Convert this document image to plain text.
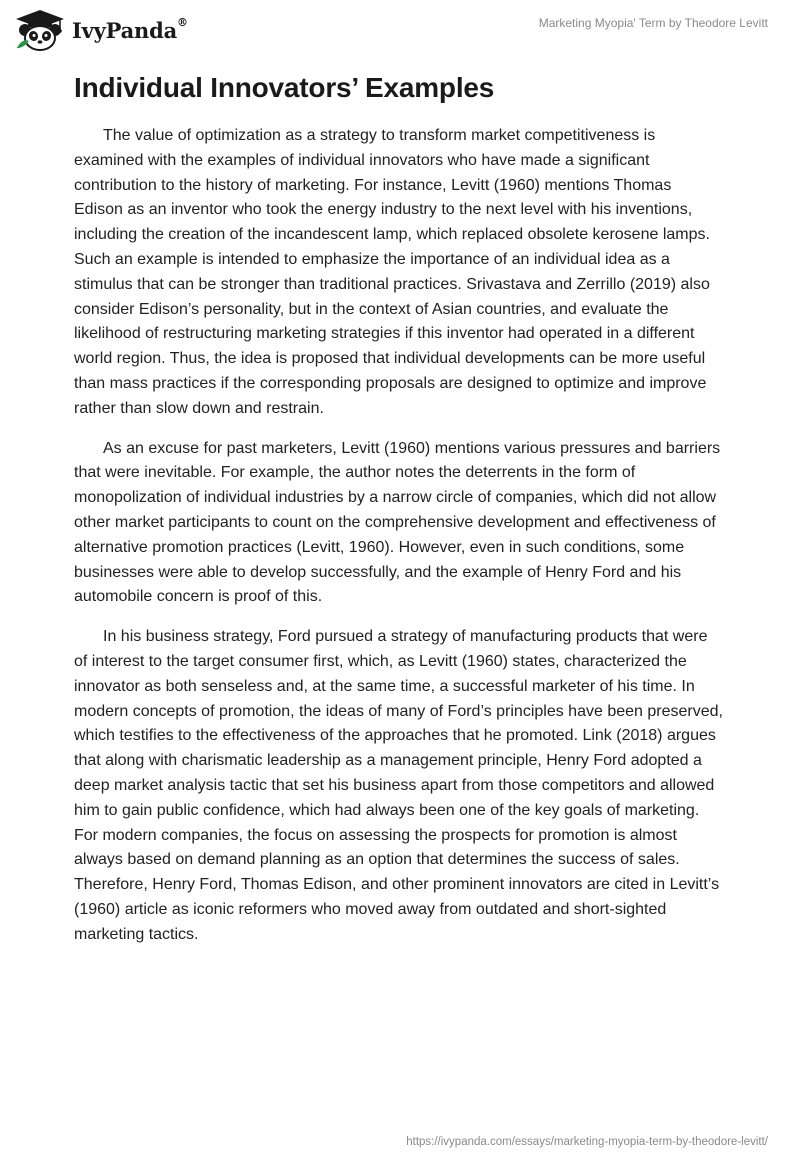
IvyPanda®	Marketing Myopia' Term by Theodore Levitt
Individual Innovators’ Examples

The value of optimization as a strategy to transform market competitiveness is examined with the examples of individual innovators who have made a significant contribution to the history of marketing. For instance, Levitt (1960) mentions Thomas Edison as an inventor who took the energy industry to the next level with his inventions, including the creation of the incandescent lamp, which replaced obsolete kerosene lamps. Such an example is intended to emphasize the importance of an individual idea as a stimulus that can be stronger than traditional practices. Srivastava and Zerrillo (2019) also consider Edison’s personality, but in the context of Asian countries, and evaluate the likelihood of restructuring marketing strategies if this inventor had operated in a different world region. Thus, the idea is proposed that individual developments can be more useful than mass practices if the corresponding proposals are designed to optimize and improve rather than slow down and restrain.

As an excuse for past marketers, Levitt (1960) mentions various pressures and barriers that were inevitable. For example, the author notes the deterrents in the form of monopolization of individual industries by a narrow circle of companies, which did not allow other market participants to count on the comprehensive development and effectiveness of alternative promotion practices (Levitt, 1960). However, even in such conditions, some businesses were able to develop successfully, and the example of Henry Ford and his automobile concern is proof of this.

In his business strategy, Ford pursued a strategy of manufacturing products that were of interest to the target consumer first, which, as Levitt (1960) states, characterized the innovator as both senseless and, at the same time, a successful marketer of his time. In modern concepts of promotion, the ideas of many of Ford’s principles have been preserved, which testifies to the effectiveness of the approaches that he promoted. Link (2018) argues that along with charismatic leadership as a management principle, Henry Ford adopted a deep market analysis tactic that set his business apart from those competitors and allowed him to gain public confidence, which had always been one of the key goals of marketing. For modern companies, the focus on assessing the prospects for promotion is almost always based on demand planning as an option that determines the success of sales. Therefore, Henry Ford, Thomas Edison, and other prominent innovators are cited in Levitt’s (1960) article as iconic reformers who moved away from outdated and short-sighted marketing tactics.

https://ivypanda.com/essays/marketing-myopia-term-by-theodore-levitt/
